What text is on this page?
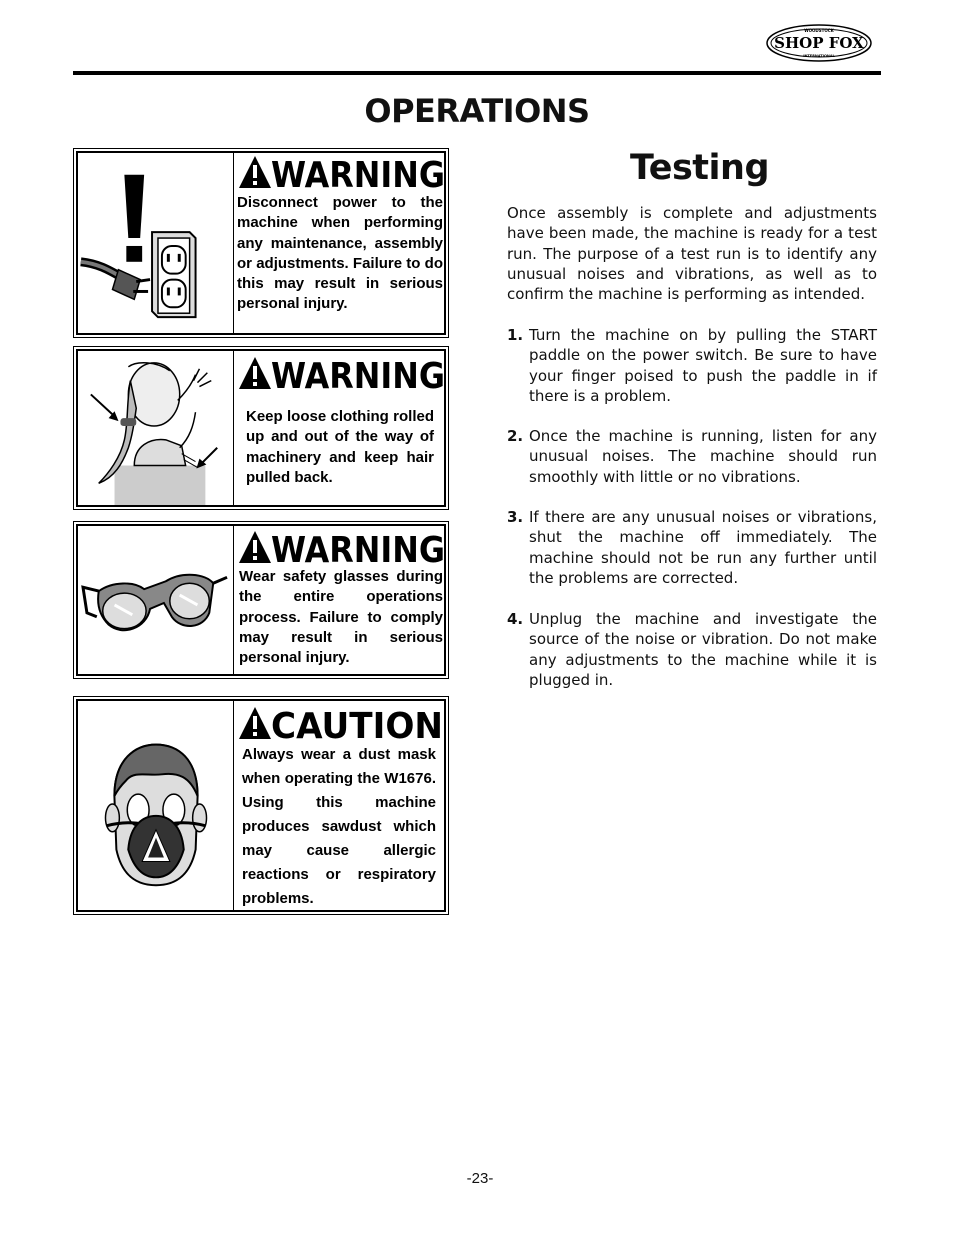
WOODSTOCK
SHOP FOX
INTERNATIONAL
OPERATIONS
WARNING
Disconnect power to the machine when performing any maintenance, assembly or adjustments. Failure to do this may result in serious personal injury.
WARNING
Keep loose clothing rolled up and out of the way of machinery and keep hair pulled back.
WARNING
Wear safety glasses during the entire operations process. Failure to comply may result in serious personal injury.
CAUTION
Always wear a dust mask when operating the W1676. Using this machine produces sawdust which may cause allergic reactions or respiratory problems.
Testing

Once assembly is complete and adjustments have been made, the machine is ready for a test run. The purpose of a test run is to identify any unusual noises and vibrations, as well as to confirm the machine is performing as intended.

1. Turn the machine on by pulling the START paddle on the power switch. Be sure to have your finger poised to push the paddle in if there is a problem.
2. Once the machine is running, listen for any unusual noises. The machine should run smoothly with little or no vibrations.
3. If there are any unusual noises or vibrations, shut the machine off immediately. The machine should not be run any further until the problems are corrected.
4. Unplug the machine and investigate the source of the noise or vibration. Do not make any adjustments to the machine while it is plugged in.
-23-
